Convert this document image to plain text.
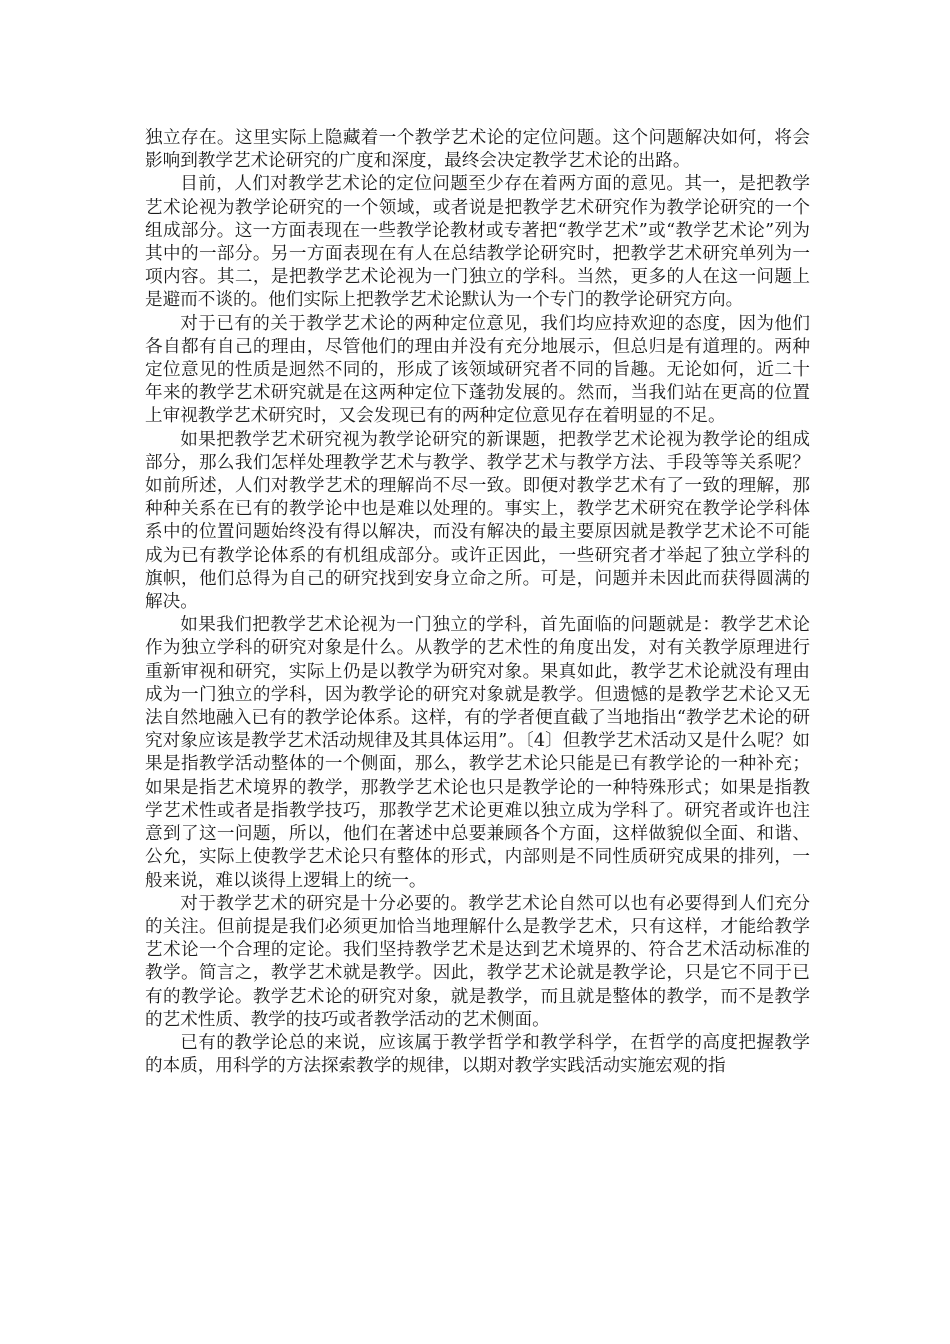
独立存在。这里实际上隐藏着一个教学艺术论的定位问题。这个问题解决如何，将会影响到教学艺术论研究的广度和深度，最终会决定教学艺术论的出路。

目前，人们对教学艺术论的定位问题至少存在着两方面的意见。其一，是把教学艺术论视为教学论研究的一个领域，或者说是把教学艺术研究作为教学论研究的一个组成部分。这一方面表现在一些教学论教材或专著把“教学艺术”或“教学艺术论”列为其中的一部分。另一方面表现在有人在总结教学论研究时，把教学艺术研究单列为一项内容。其二，是把教学艺术论视为一门独立的学科。当然，更多的人在这一问题上是避而不谈的。他们实际上把教学艺术论默认为一个专门的教学论研究方向。

对于已有的关于教学艺术论的两种定位意见，我们均应持欢迎的态度，因为他们各自都有自己的理由，尽管他们的理由并没有充分地展示，但总归是有道理的。两种定位意见的性质是迥然不同的，形成了该领域研究者不同的旨趣。无论如何，近二十年来的教学艺术研究就是在这两种定位下蓬勃发展的。然而，当我们站在更高的位置上审视教学艺术研究时，又会发现已有的两种定位意见存在着明显的不足。

如果把教学艺术研究视为教学论研究的新课题，把教学艺术论视为教学论的组成部分，那么我们怎样处理教学艺术与教学、教学艺术与教学方法、手段等等关系呢？如前所述，人们对教学艺术的理解尚不尽一致。即便对教学艺术有了一致的理解，那种种关系在已有的教学论中也是难以处理的。事实上，教学艺术研究在教学论学科体系中的位置问题始终没有得以解决，而没有解决的最主要原因就是教学艺术论不可能成为已有教学论体系的有机组成部分。或许正因此，一些研究者才举起了独立学科的旗帜，他们总得为自己的研究找到安身立命之所。可是，问题并未因此而获得圆满的解决。

如果我们把教学艺术论视为一门独立的学科，首先面临的问题就是：教学艺术论作为独立学科的研究对象是什么。从教学的艺术性的角度出发，对有关教学原理进行重新审视和研究，实际上仍是以教学为研究对象。果真如此，教学艺术论就没有理由成为一门独立的学科，因为教学论的研究对象就是教学。但遗憾的是教学艺术论又无法自然地融入已有的教学论体系。这样，有的学者便直截了当地指出“教学艺术论的研究对象应该是教学艺术活动规律及其具体运用”。〔4〕但教学艺术活动又是什么呢？如果是指教学活动整体的一个侧面，那么，教学艺术论只能是已有教学论的一种补充；如果是指艺术境界的教学，那教学艺术论也只是教学论的一种特殊形式；如果是指教学艺术性或者是指教学技巧，那教学艺术论更难以独立成为学科了。研究者或许也注意到了这一问题，所以，他们在著述中总要兼顾各个方面，这样做貌似全面、和谐、公允，实际上使教学艺术论只有整体的形式，内部则是不同性质研究成果的排列，一般来说，难以谈得上逻辑上的统一。

对于教学艺术的研究是十分必要的。教学艺术论自然可以也有必要得到人们充分的关注。但前提是我们必须更加恰当地理解什么是教学艺术，只有这样，才能给教学艺术论一个合理的定论。我们坚持教学艺术是达到艺术境界的、符合艺术活动标准的教学。简言之，教学艺术就是教学。因此，教学艺术论就是教学论，只是它不同于已有的教学论。教学艺术论的研究对象，就是教学，而且就是整体的教学，而不是教学的艺术性质、教学的技巧或者教学活动的艺术侧面。

已有的教学论总的来说，应该属于教学哲学和教学科学，在哲学的高度把握教学的本质，用科学的方法探索教学的规律，以期对教学实践活动实施宏观的指
